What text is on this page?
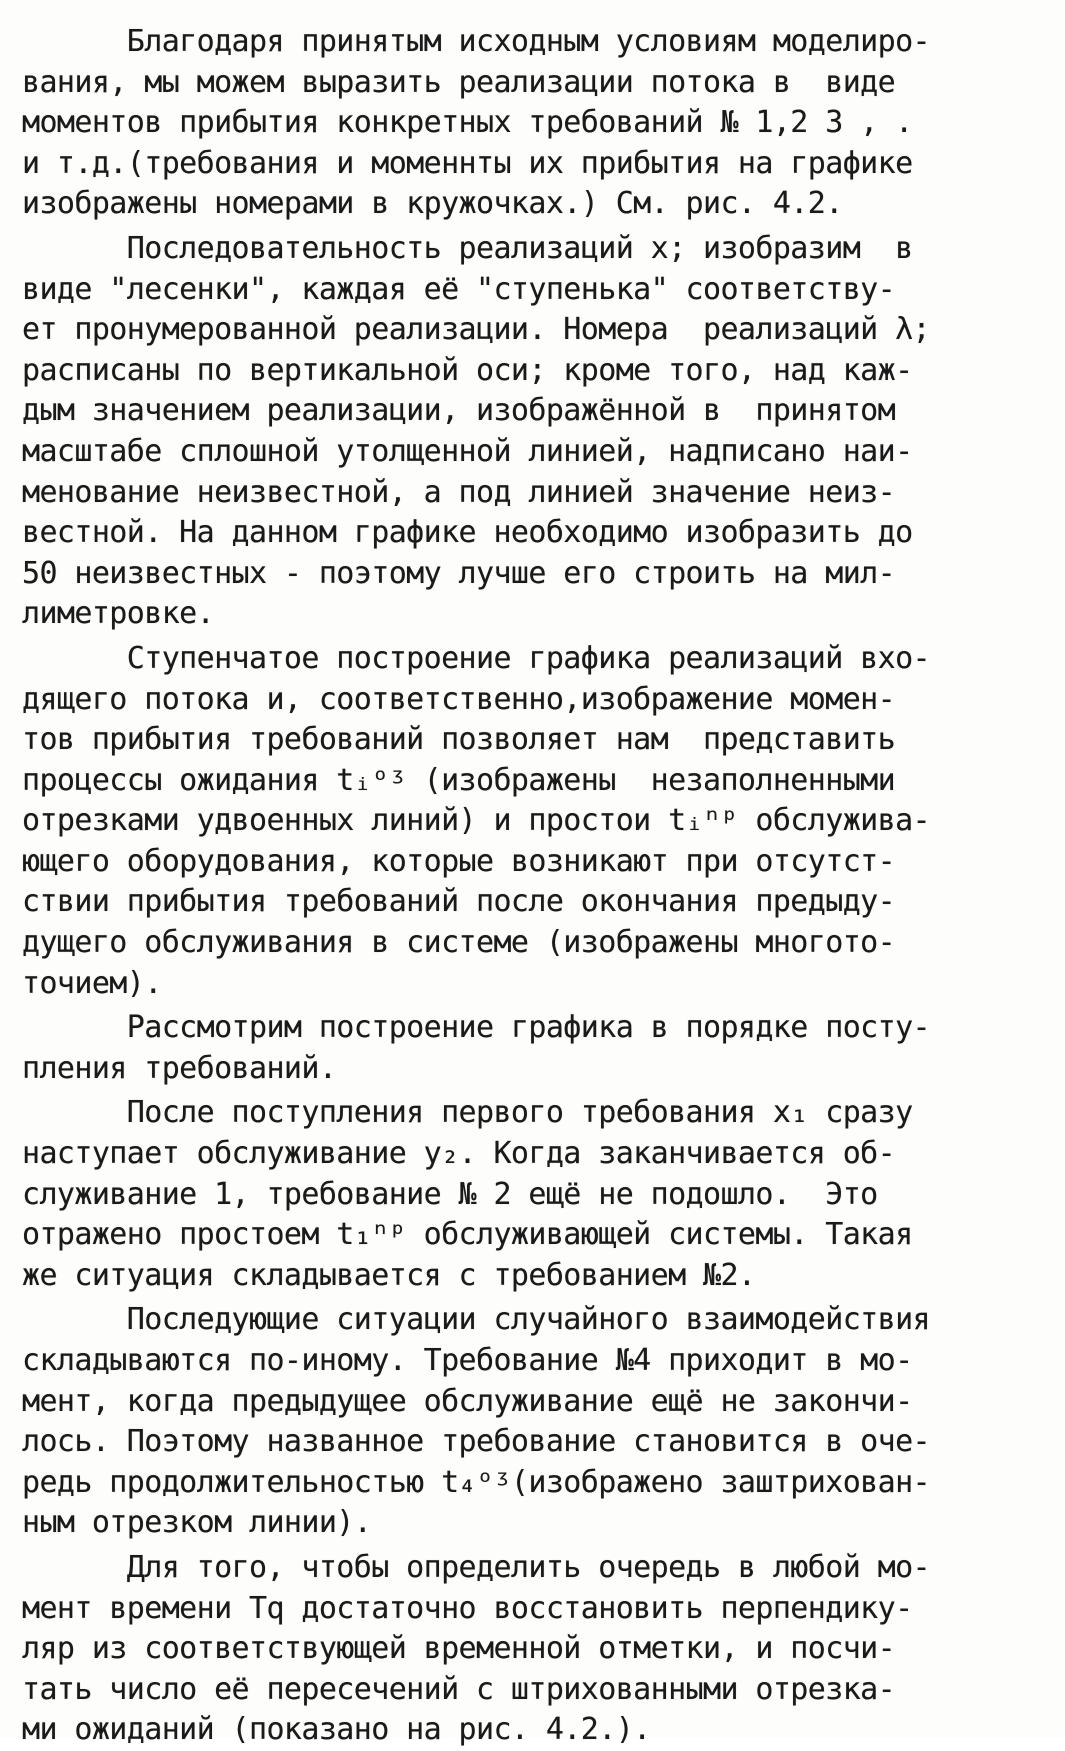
Благодаря принятым исходным условиям моделиро-
вания, мы можем выразить реализации потока в  виде
моментов прибытия конкретных требований № 1,2 3 , .
и т.д.(требования и моменнты их прибытия на графике
изображены номерами в кружочках.) См. рис. 4.2.
Последовательность реализаций х; изобразим  в
виде "лесенки", каждая её "ступенька" соответству-
ет пронумерованной реализации. Номера  реализаций λ;
расписаны по вертикальной оси; кроме того, над каж-
дым значением реализации, изображённой в  принятом
масштабе сплошной утолщенной линией, надписано наи-
менование неизвестной, а под линией значение неиз-
вестной. На данном графике необходимо изобразить до
50 неизвестных - поэтому лучше его строить на мил-
лиметровке.
Ступенчатое построение графика реализаций вхо-
дящего потока и, соответственно,изображение момен-
тов прибытия требований позволяет нам  представить
процессы ожидания tᵢᵒᶾ (изображены  незаполненными
отрезками удвоенных линий) и простои tᵢⁿᵖ обслужива-
ющего оборудования, которые возникают при отсутст-
ствии прибытия требований после окончания предыду-
дущего обслуживания в системе (изображены многото-
точием).
Рассмотрим построение графика в порядке посту-
пления требований.
После поступления первого требования х₁ сразу
наступает обслуживание у₂. Когда заканчивается об-
служивание 1, требование № 2 ещё не подошло.  Это
отражено простоем t₁ⁿᵖ обслуживающей системы. Такая
же ситуация складывается с требованием №2.
Последующие ситуации случайного взаимодействия
складываются по-иному. Требование №4 приходит в мо-
мент, когда предыдущее обслуживание ещё не закончи-
лось. Поэтому названное требование становится в оче-
редь продолжительностью t₄ᵒᶾ(изображено заштрихован-
ным отрезком линии).
Для того, чтобы определить очередь в любой мо-
мент времени Tq достаточно восстановить перпендику-
ляр из соответствующей временной отметки, и посчи-
тать число её пересечений с штрихованными отрезка-
ми ожиданий (показано на рис. 4.2.).
